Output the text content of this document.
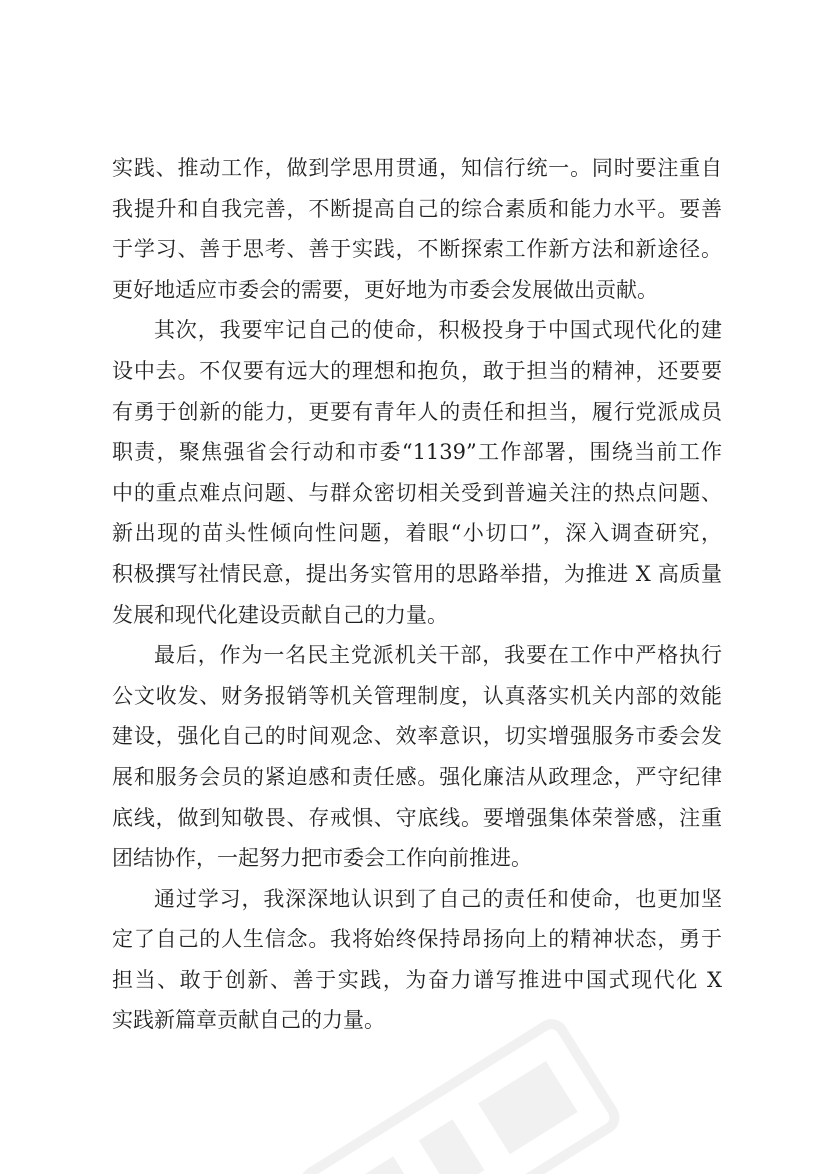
实践、推动工作，做到学思用贯通，知信行统一。同时要注重自
我提升和自我完善，不断提高自己的综合素质和能力水平。要善
于学习、善于思考、善于实践，不断探索工作新方法和新途径。
更好地适应市委会的需要，更好地为市委会发展做出贡献。
其次，我要牢记自己的使命，积极投身于中国式现代化的建
设中去。不仅要有远大的理想和抱负，敢于担当的精神，还要要
有勇于创新的能力，更要有青年人的责任和担当，履行党派成员
职责，聚焦强省会行动和市委“1139”工作部署，围绕当前工作
中的重点难点问题、与群众密切相关受到普遍关注的热点问题、
新出现的苗头性倾向性问题，着眼“小切口”，深入调查研究，
积极撰写社情民意，提出务实管用的思路举措，为推进 X 高质量
发展和现代化建设贡献自己的力量。
最后，作为一名民主党派机关干部，我要在工作中严格执行
公文收发、财务报销等机关管理制度，认真落实机关内部的效能
建设，强化自己的时间观念、效率意识，切实增强服务市委会发
展和服务会员的紧迫感和责任感。强化廉洁从政理念，严守纪律
底线，做到知敬畏、存戒惧、守底线。要增强集体荣誉感，注重
团结协作，一起努力把市委会工作向前推进。
通过学习，我深深地认识到了自己的责任和使命，也更加坚
定了自己的人生信念。我将始终保持昂扬向上的精神状态，勇于
担当、敢于创新、善于实践，为奋力谱写推进中国式现代化 X
实践新篇章贡献自己的力量。
